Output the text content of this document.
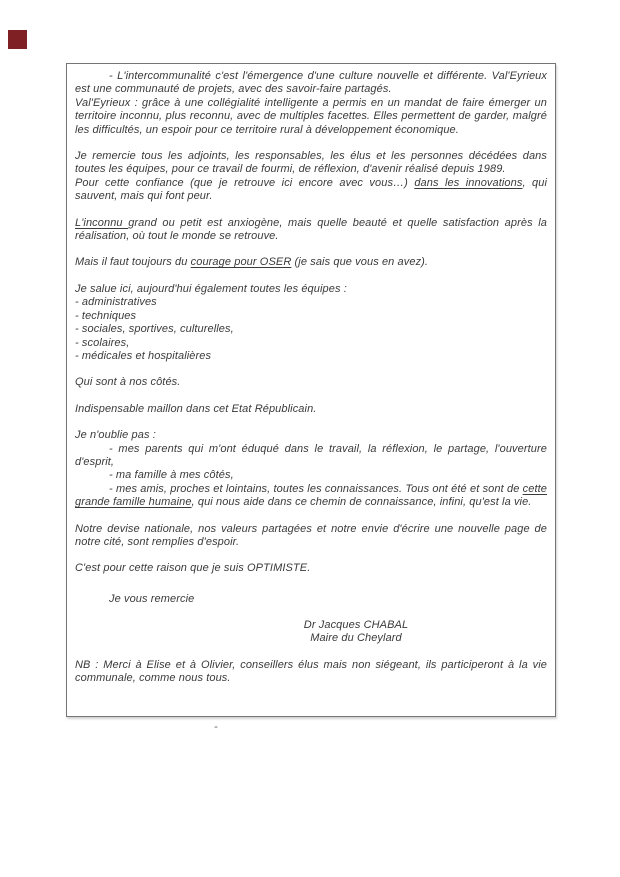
- L'intercommunalité c'est l'émergence d'une culture nouvelle et différente. Val'Eyrieux est une communauté de projets, avec des savoir-faire partagés.

Val'Eyrieux : grâce à une collégialité intelligente a permis en un mandat de faire émerger un territoire inconnu, plus reconnu, avec de multiples facettes. Elles permettent de garder, malgré les difficultés, un espoir pour ce territoire rural à développement économique.

Je remercie tous les adjoints, les responsables, les élus et les personnes décédées dans toutes les équipes, pour ce travail de fourmi, de réflexion, d'avenir réalisé depuis 1989.

Pour cette confiance (que je retrouve ici encore avec vous…) dans les innovations, qui sauvent, mais qui font peur.

L'inconnu grand ou petit est anxiogène, mais quelle beauté et quelle satisfaction après la réalisation, où tout le monde se retrouve.

Mais il faut toujours du courage pour OSER (je sais que vous en avez).

Je salue ici, aujourd'hui également toutes les équipes :

- administratives

- techniques

- sociales, sportives, culturelles,

- scolaires,

- médicales et hospitalières

Qui sont à nos côtés.

Indispensable maillon dans cet Etat Républicain.

Je n'oublie pas :

- mes parents qui m'ont éduqué dans le travail, la réflexion, le partage, l'ouverture d'esprit,

- ma famille à mes côtés,

- mes amis, proches et lointains, toutes les connaissances. Tous ont été et sont de cette grande famille humaine, qui nous aide dans ce chemin de connaissance, infini, qu'est la vie.

Notre devise nationale, nos valeurs partagées et notre envie d'écrire une nouvelle page de notre cité, sont remplies d'espoir.

C'est pour cette raison que je suis OPTIMISTE.

Je vous remercie

Dr Jacques CHABAL

Maire du Cheylard

NB : Merci à Elise et à Olivier, conseillers élus mais non siégeant, ils participeront à la vie communale, comme nous tous.

-
